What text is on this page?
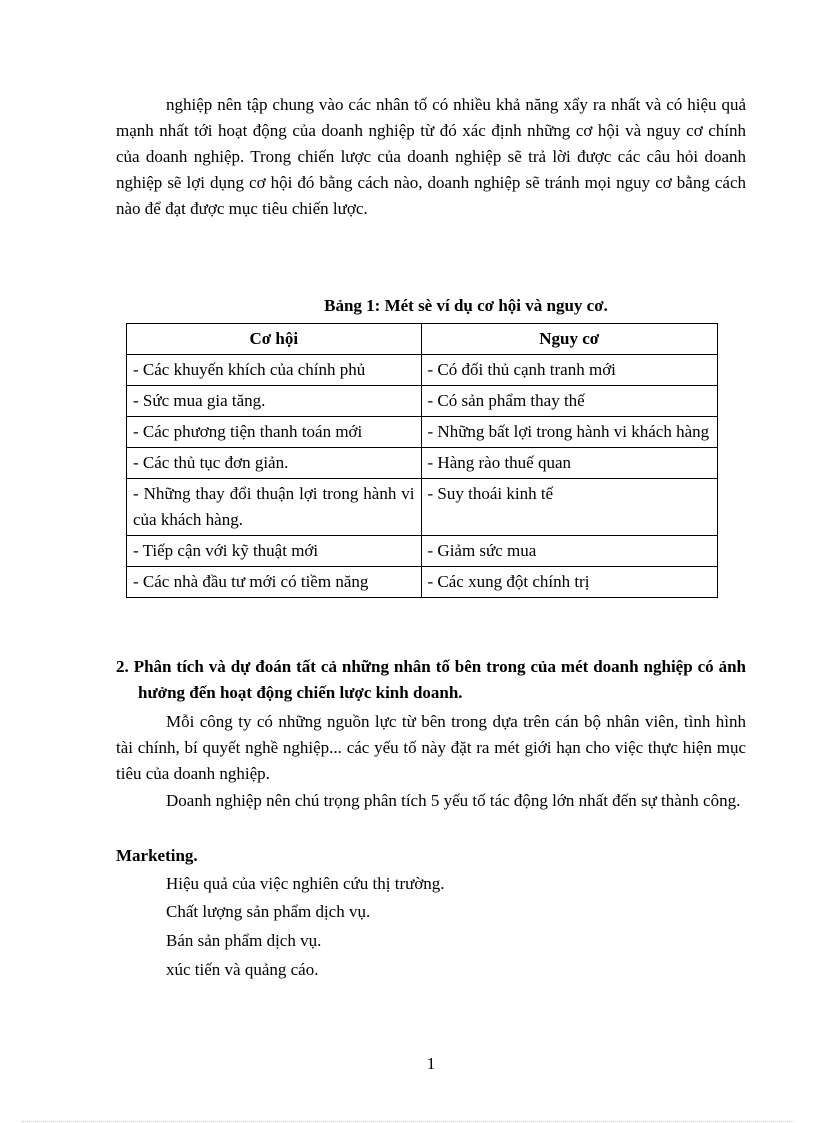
nghiệp nên tập chung vào các nhân tố có nhiều khả năng xẩy ra nhất và có hiệu quả mạnh nhất tới hoạt động của doanh nghiệp từ đó xác định những cơ hội và nguy cơ chính của doanh nghiệp. Trong chiến lược của doanh nghiệp sẽ trả lời được các câu hỏi doanh nghiệp sẽ lợi dụng cơ hội đó bằng cách nào, doanh nghiệp sẽ tránh mọi nguy cơ bằng cách nào để đạt được mục tiêu chiến lược.

Bảng 1: Mét sè ví dụ cơ hội và nguy cơ.
Cơ hội	Nguy cơ
- Các khuyến khích của chính phủ	- Có đối thủ cạnh tranh mới
- Sức mua gia tăng.	- Có sản phẩm thay thế
- Các phương tiện thanh toán mới	- Những bất lợi trong hành vi khách hàng
- Các thủ tục đơn giản.	- Hàng rào thuế quan
- Những thay đổi thuận lợi trong hành vi của khách hàng.	- Suy thoái kinh tế
- Tiếp cận với kỹ thuật mới	- Giảm sức mua
- Các nhà đầu tư mới có tiềm năng	- Các xung đột chính trị
2. Phân tích và dự đoán tất cả những nhân tố bên trong của mét doanh nghiệp có ảnh hưởng đến hoạt động chiến lược kinh doanh.

Mỗi công ty có những nguồn lực từ bên trong dựa trên cán bộ nhân viên, tình hình tài chính, bí quyết nghề nghiệp... các yếu tố này đặt ra mét giới hạn cho việc thực hiện mục tiêu của doanh nghiệp.

Doanh nghiệp nên chú trọng phân tích 5 yếu tố tác động lớn nhất đến sự thành công.

Marketing.
Hiệu quả của việc nghiên cứu thị trường.
Chất lượng sản phẩm dịch vụ.
Bán sản phẩm dịch vụ.
xúc tiến và quảng cáo.
1
